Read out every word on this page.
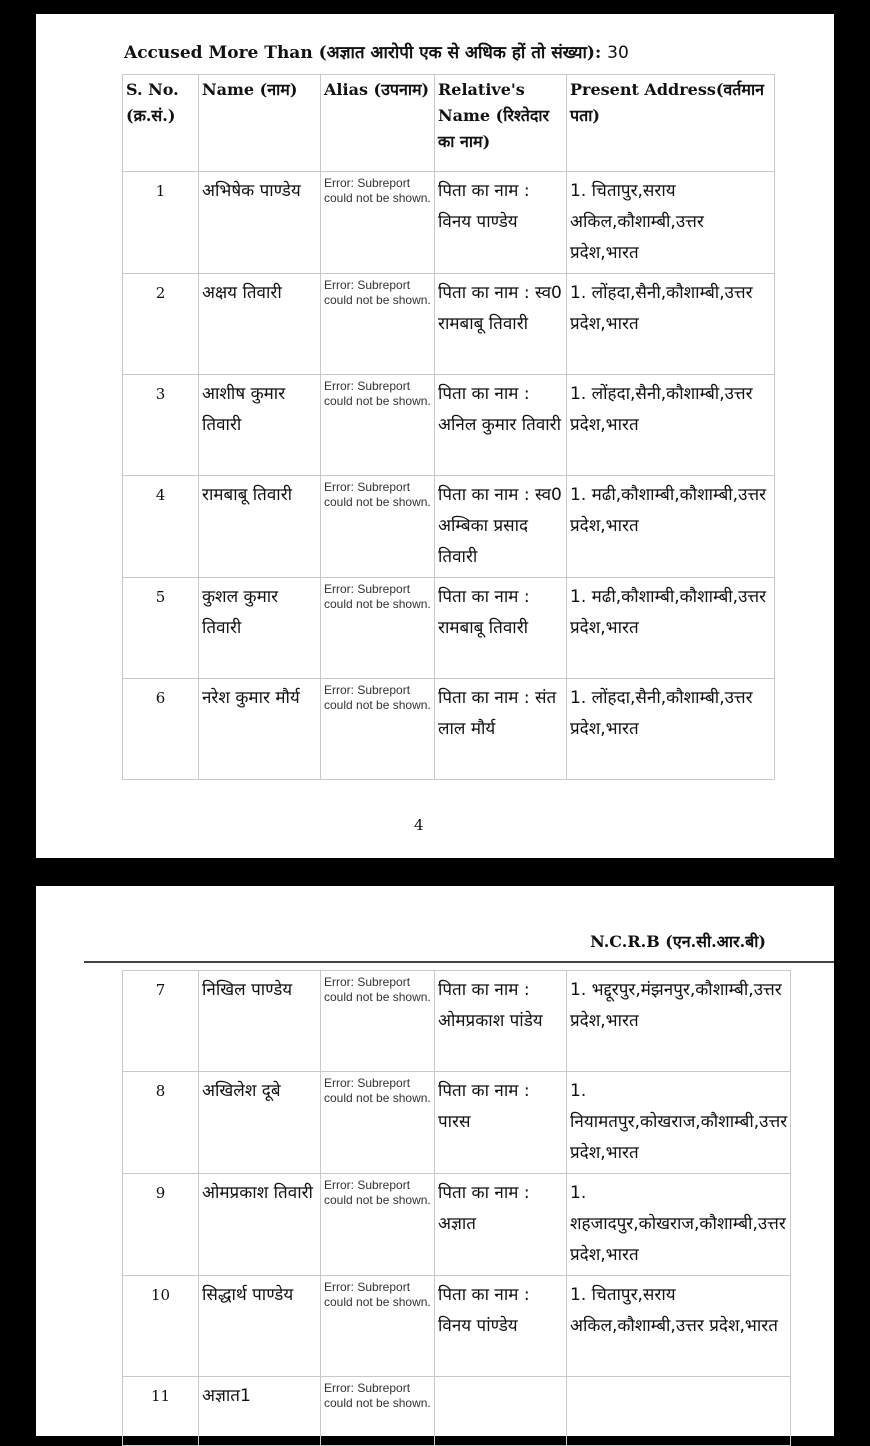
Accused More Than (अज्ञात आरोपी एक से अधिक हों तो संख्या): 30
S. No. (क्र.सं.)	Name (नाम)	Alias (उपनाम)	Relative's Name (रिश्तेदार का नाम)	Present Address(वर्तमान पता)
1	अभिषेक पाण्डेय	Error: Subreport could not be shown.	पिता का नाम : विनय पाण्डेय	1. चितापुर,सराय अकिल,कौशाम्बी,उत्तर प्रदेश,भारत
2	अक्षय तिवारी	Error: Subreport could not be shown.	पिता का नाम : स्व0 रामबाबू तिवारी	1. लोंहदा,सैनी,कौशाम्बी,उत्तर प्रदेश,भारत
3	आशीष कुमार तिवारी	Error: Subreport could not be shown.	पिता का नाम : अनिल कुमार तिवारी	1. लोंहदा,सैनी,कौशाम्बी,उत्तर प्रदेश,भारत
4	रामबाबू तिवारी	Error: Subreport could not be shown.	पिता का नाम : स्व0 अम्बिका प्रसाद तिवारी	1. मढी,कौशाम्बी,कौशाम्बी,उत्तर प्रदेश,भारत
5	कुशल कुमार तिवारी	Error: Subreport could not be shown.	पिता का नाम : रामबाबू तिवारी	1. मढी,कौशाम्बी,कौशाम्बी,उत्तर प्रदेश,भारत
6	नरेश कुमार मौर्य	Error: Subreport could not be shown.	पिता का नाम : संत लाल मौर्य	1. लोंहदा,सैनी,कौशाम्बी,उत्तर प्रदेश,भारत
4
N.C.R.B (एन.सी.आर.बी)
7	निखिल पाण्डेय	Error: Subreport could not be shown.	पिता का नाम : ओमप्रकाश पांडेय	1. भद्दूरपुर,मंझनपुर,कौशाम्बी,उत्तर प्रदेश,भारत
8	अखिलेश दूबे	Error: Subreport could not be shown.	पिता का नाम : पारस	1. नियामतपुर,कोखराज,कौशाम्बी,उत्तर प्रदेश,भारत
9	ओमप्रकाश तिवारी	Error: Subreport could not be shown.	पिता का नाम : अज्ञात	1. शहजादपुर,कोखराज,कौशाम्बी,उत्तर प्रदेश,भारत
10	सिद्धार्थ पाण्डेय	Error: Subreport could not be shown.	पिता का नाम : विनय पांण्डेय	1. चितापुर,सराय अकिल,कौशाम्बी,उत्तर प्रदेश,भारत
11	अज्ञात1	Error: Subreport could not be shown.		
